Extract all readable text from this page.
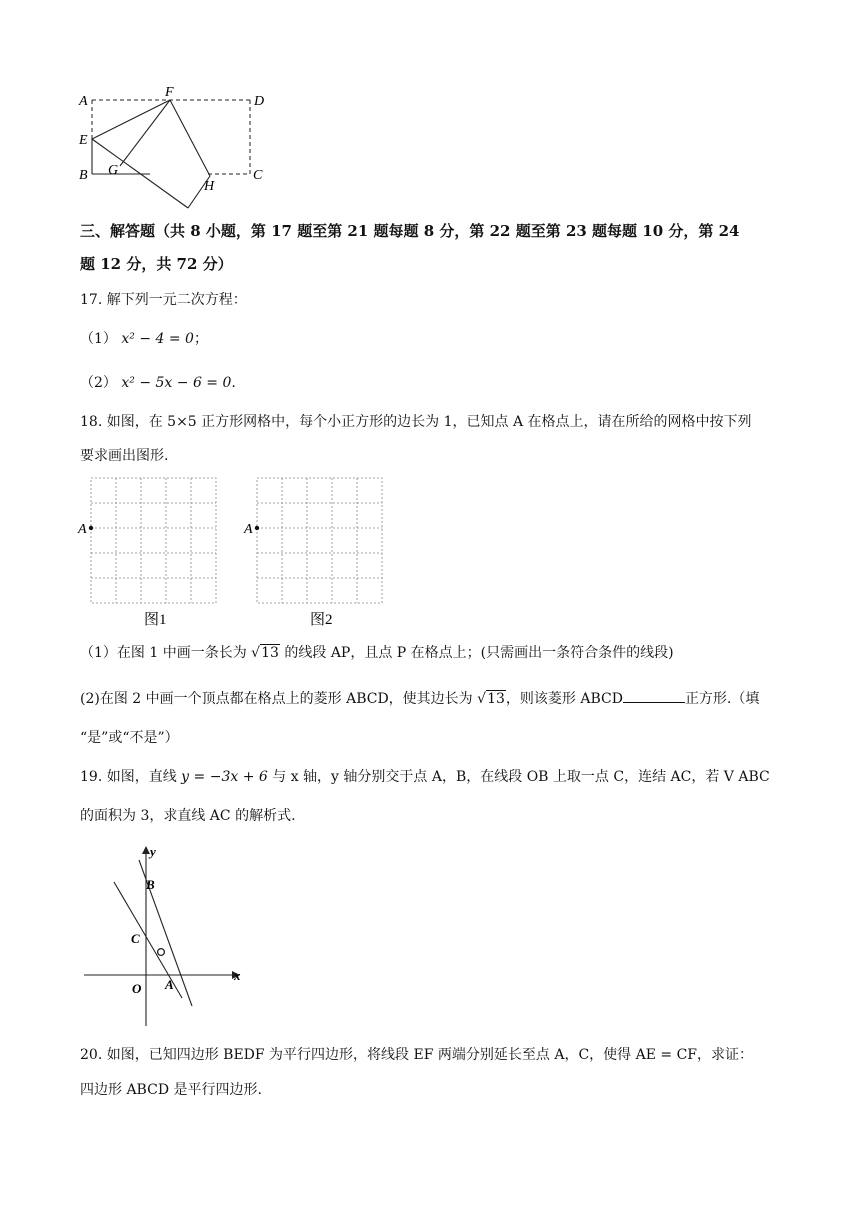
A
F
D
E
G
B
H
C
三、解答题（共 8 小题，第 17 题至第 21 题每题 8 分，第 22 题至第 23 题每题 10 分，第 24
题 12 分，共 72 分）
17. 解下列一元二次方程：
（1） x² − 4 = 0；
（2） x² − 5x − 6 = 0.
18. 如图，在 5×5 正方形网格中，每个小正方形的边长为 1，已知点 A 在格点上，请在所给的网格中按下列
要求画出图形.
A
图1
A
图2
（1）在图 1 中画一条长为 √13 的线段 AP，且点 P 在格点上；(只需画出一条符合条件的线段)
(2)在图 2 中画一个顶点都在格点上的菱形 ABCD，使其边长为 √13，则该菱形 ABCD	正方形.（填
“是”或“不是”）
19. 如图，直线 y = −3x + 6 与 x 轴，y 轴分别交于点 A，B，在线段 OB 上取一点 C，连结 AC，若 V ABC
的面积为 3，求直线 AC 的解析式.
y
B
C
O A
x
20. 如图，已知四边形 BEDF 为平行四边形，将线段 EF 两端分别延长至点 A，C，使得 AE = CF，求证：
四边形 ABCD 是平行四边形.
